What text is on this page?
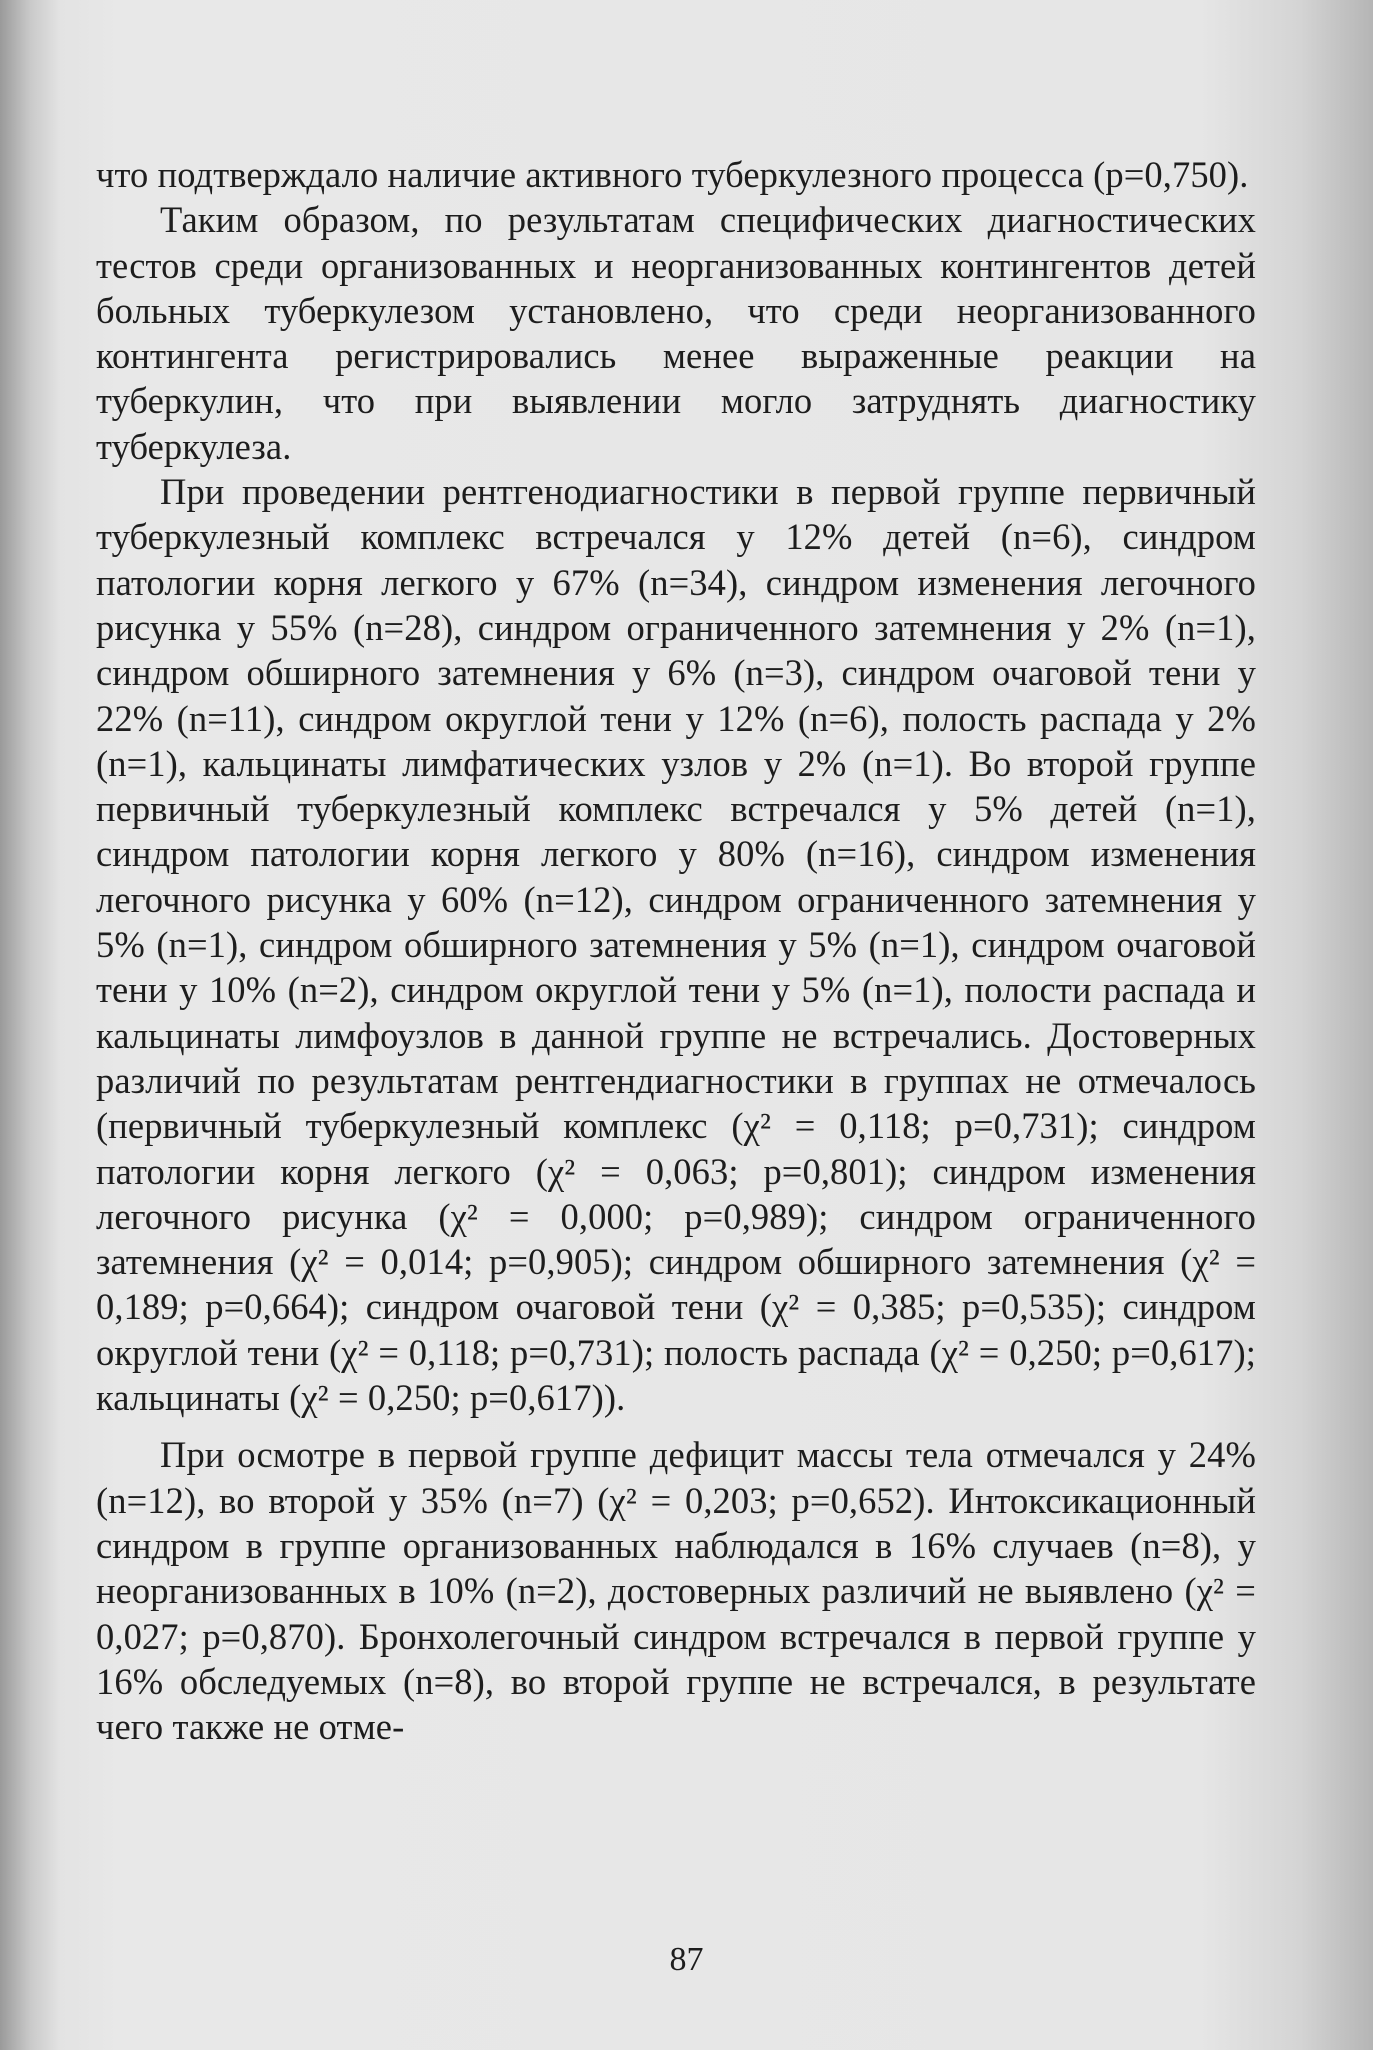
что подтверждало наличие активного туберкулезного процесса (р=0,750).

Таким образом, по результатам специфических диагностических тестов среди организованных и неорганизованных контингентов детей больных туберкулезом установлено, что среди неорганизованного контингента регистрировались менее выраженные реакции на туберкулин, что при выявлении могло затруднять диагностику туберкулеза.

При проведении рентгенодиагностики в первой группе первичный туберкулезный комплекс встречался у 12% детей (n=6), синдром патологии корня легкого у 67% (n=34), синдром изменения легочного рисунка у 55% (n=28), синдром ограниченного затемнения у 2% (n=1), синдром обширного затемнения у 6% (n=3), синдром очаговой тени у 22% (n=11), синдром округлой тени у 12% (n=6), полость распада у 2% (n=1), кальцинаты лимфатических узлов у 2% (n=1). Во второй группе первичный туберкулезный комплекс встречался у 5% детей (n=1), синдром патологии корня легкого у 80% (n=16), синдром изменения легочного рисунка у 60% (n=12), синдром ограниченного затемнения у 5% (n=1), синдром обширного затемнения у 5% (n=1), синдром очаговой тени у 10% (n=2), синдром округлой тени у 5% (n=1), полости распада и кальцинаты лимфоузлов в данной группе не встречались. Достоверных различий по результатам рентгендиагностики в группах не отмечалось (первичный туберкулезный комплекс (χ² = 0,118; р=0,731); синдром патологии корня легкого (χ² = 0,063; р=0,801); синдром изменения легочного рисунка (χ² = 0,000; р=0,989); синдром ограниченного затемнения (χ² = 0,014; р=0,905); синдром обширного затемнения (χ² = 0,189; р=0,664); синдром очаговой тени (χ² = 0,385; р=0,535); синдром округлой тени (χ² = 0,118; р=0,731); полость распада (χ² = 0,250; р=0,617); кальцинаты (χ² = 0,250; р=0,617)).

При осмотре в первой группе дефицит массы тела отмечался у 24% (n=12), во второй у 35% (n=7) (χ² = 0,203; р=0,652). Интоксикационный синдром в группе организованных наблюдался в 16% случаев (n=8), у неорганизованных в 10% (n=2), достоверных различий не выявлено (χ² = 0,027; р=0,870). Бронхолегочный синдром встречался в первой группе у 16% обследуемых (n=8), во второй группе не встречался, в результате чего также не отме-

87
